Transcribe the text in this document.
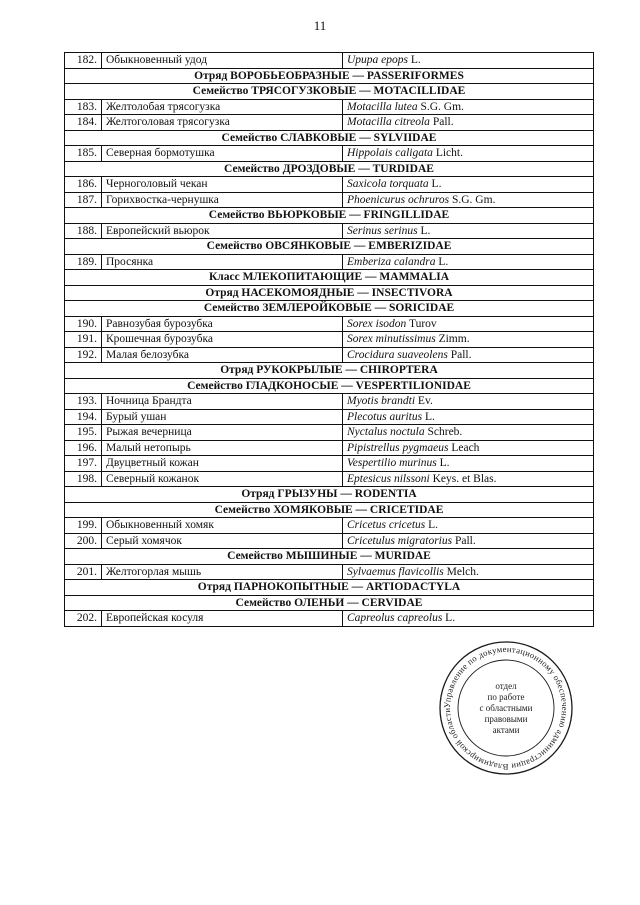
11
182.	Обыкновенный удод	Upupa epops L.
Отряд ВОРОБЬЕОБРАЗНЫЕ — PASSERIFORMES		
Семейство ТРЯСОГУЗКОВЫЕ — MOTACILLIDAE		
183.	Желтолобая трясогузка	Motacilla lutea S.G. Gm.
184.	Желтоголовая трясогузка	Motacilla citreola Pall.
Семейство СЛАВКОВЫЕ — SYLVIIDAE		
185.	Северная бормотушка	Hippolais caligata Licht.
Семейство ДРОЗДОВЫЕ — TURDIDAE		
186.	Черноголовый чекан	Saxicola torquata L.
187.	Горихвостка-чернушка	Phoenicurus ochruros S.G. Gm.
Семейство ВЬЮРКОВЫЕ — FRINGILLIDAE		
188.	Европейский вьюрок	Serinus serinus L.
Семейство ОВСЯНКОВЫЕ — EMBERIZIDAE		
189.	Просянка	Emberiza calandra L.
Класс МЛЕКОПИТАЮЩИЕ — MAMMALIA		
Отряд НАСЕКОМОЯДНЫЕ — INSECTIVORA		
Семейство ЗЕМЛЕРОЙКОВЫЕ — SORICIDAE		
190.	Равнозубая бурозубка	Sorex isodon Turov
191.	Крошечная бурозубка	Sorex minutissimus Zimm.
192.	Малая белозубка	Crocidura suaveolens Pall.
Отряд РУКОКРЫЛЫЕ — CHIROPTERA		
Семейство ГЛАДКОНОСЫЕ — VESPERTILIONIDAE		
193.	Ночница Брандта	Myotis brandti Ev.
194.	Бурый ушан	Plecotus auritus L.
195.	Рыжая вечерница	Nyctalus noctula Schreb.
196.	Малый нетопырь	Pipistrellus pygmaeus Leach
197.	Двуцветный кожан	Vespertilio murinus L.
198.	Северный кожанок	Eptesicus nilssoni Keys. et Blas.
Отряд ГРЫЗУНЫ — RODENTIA		
Семейство ХОМЯКОВЫЕ — CRICETIDAE		
199.	Обыкновенный хомяк	Cricetus cricetus L.
200.	Серый хомячок	Cricetulus migratorius Pall.
Семейство МЫШИНЫЕ — MURIDAE		
201.	Желтогорлая мышь	Sylvaemus flavicollis Melch.
Отряд ПАРНОКОПЫТНЫЕ — ARTIODACTYLA		
Семейство ОЛЕНЬИ — CERVIDAE		
202.	Европейская косуля	Capreolus capreolus L.
Управление по документационному обеспечению администрации Владимирской области
отдел
по работе
с областными
правовыми
актами
